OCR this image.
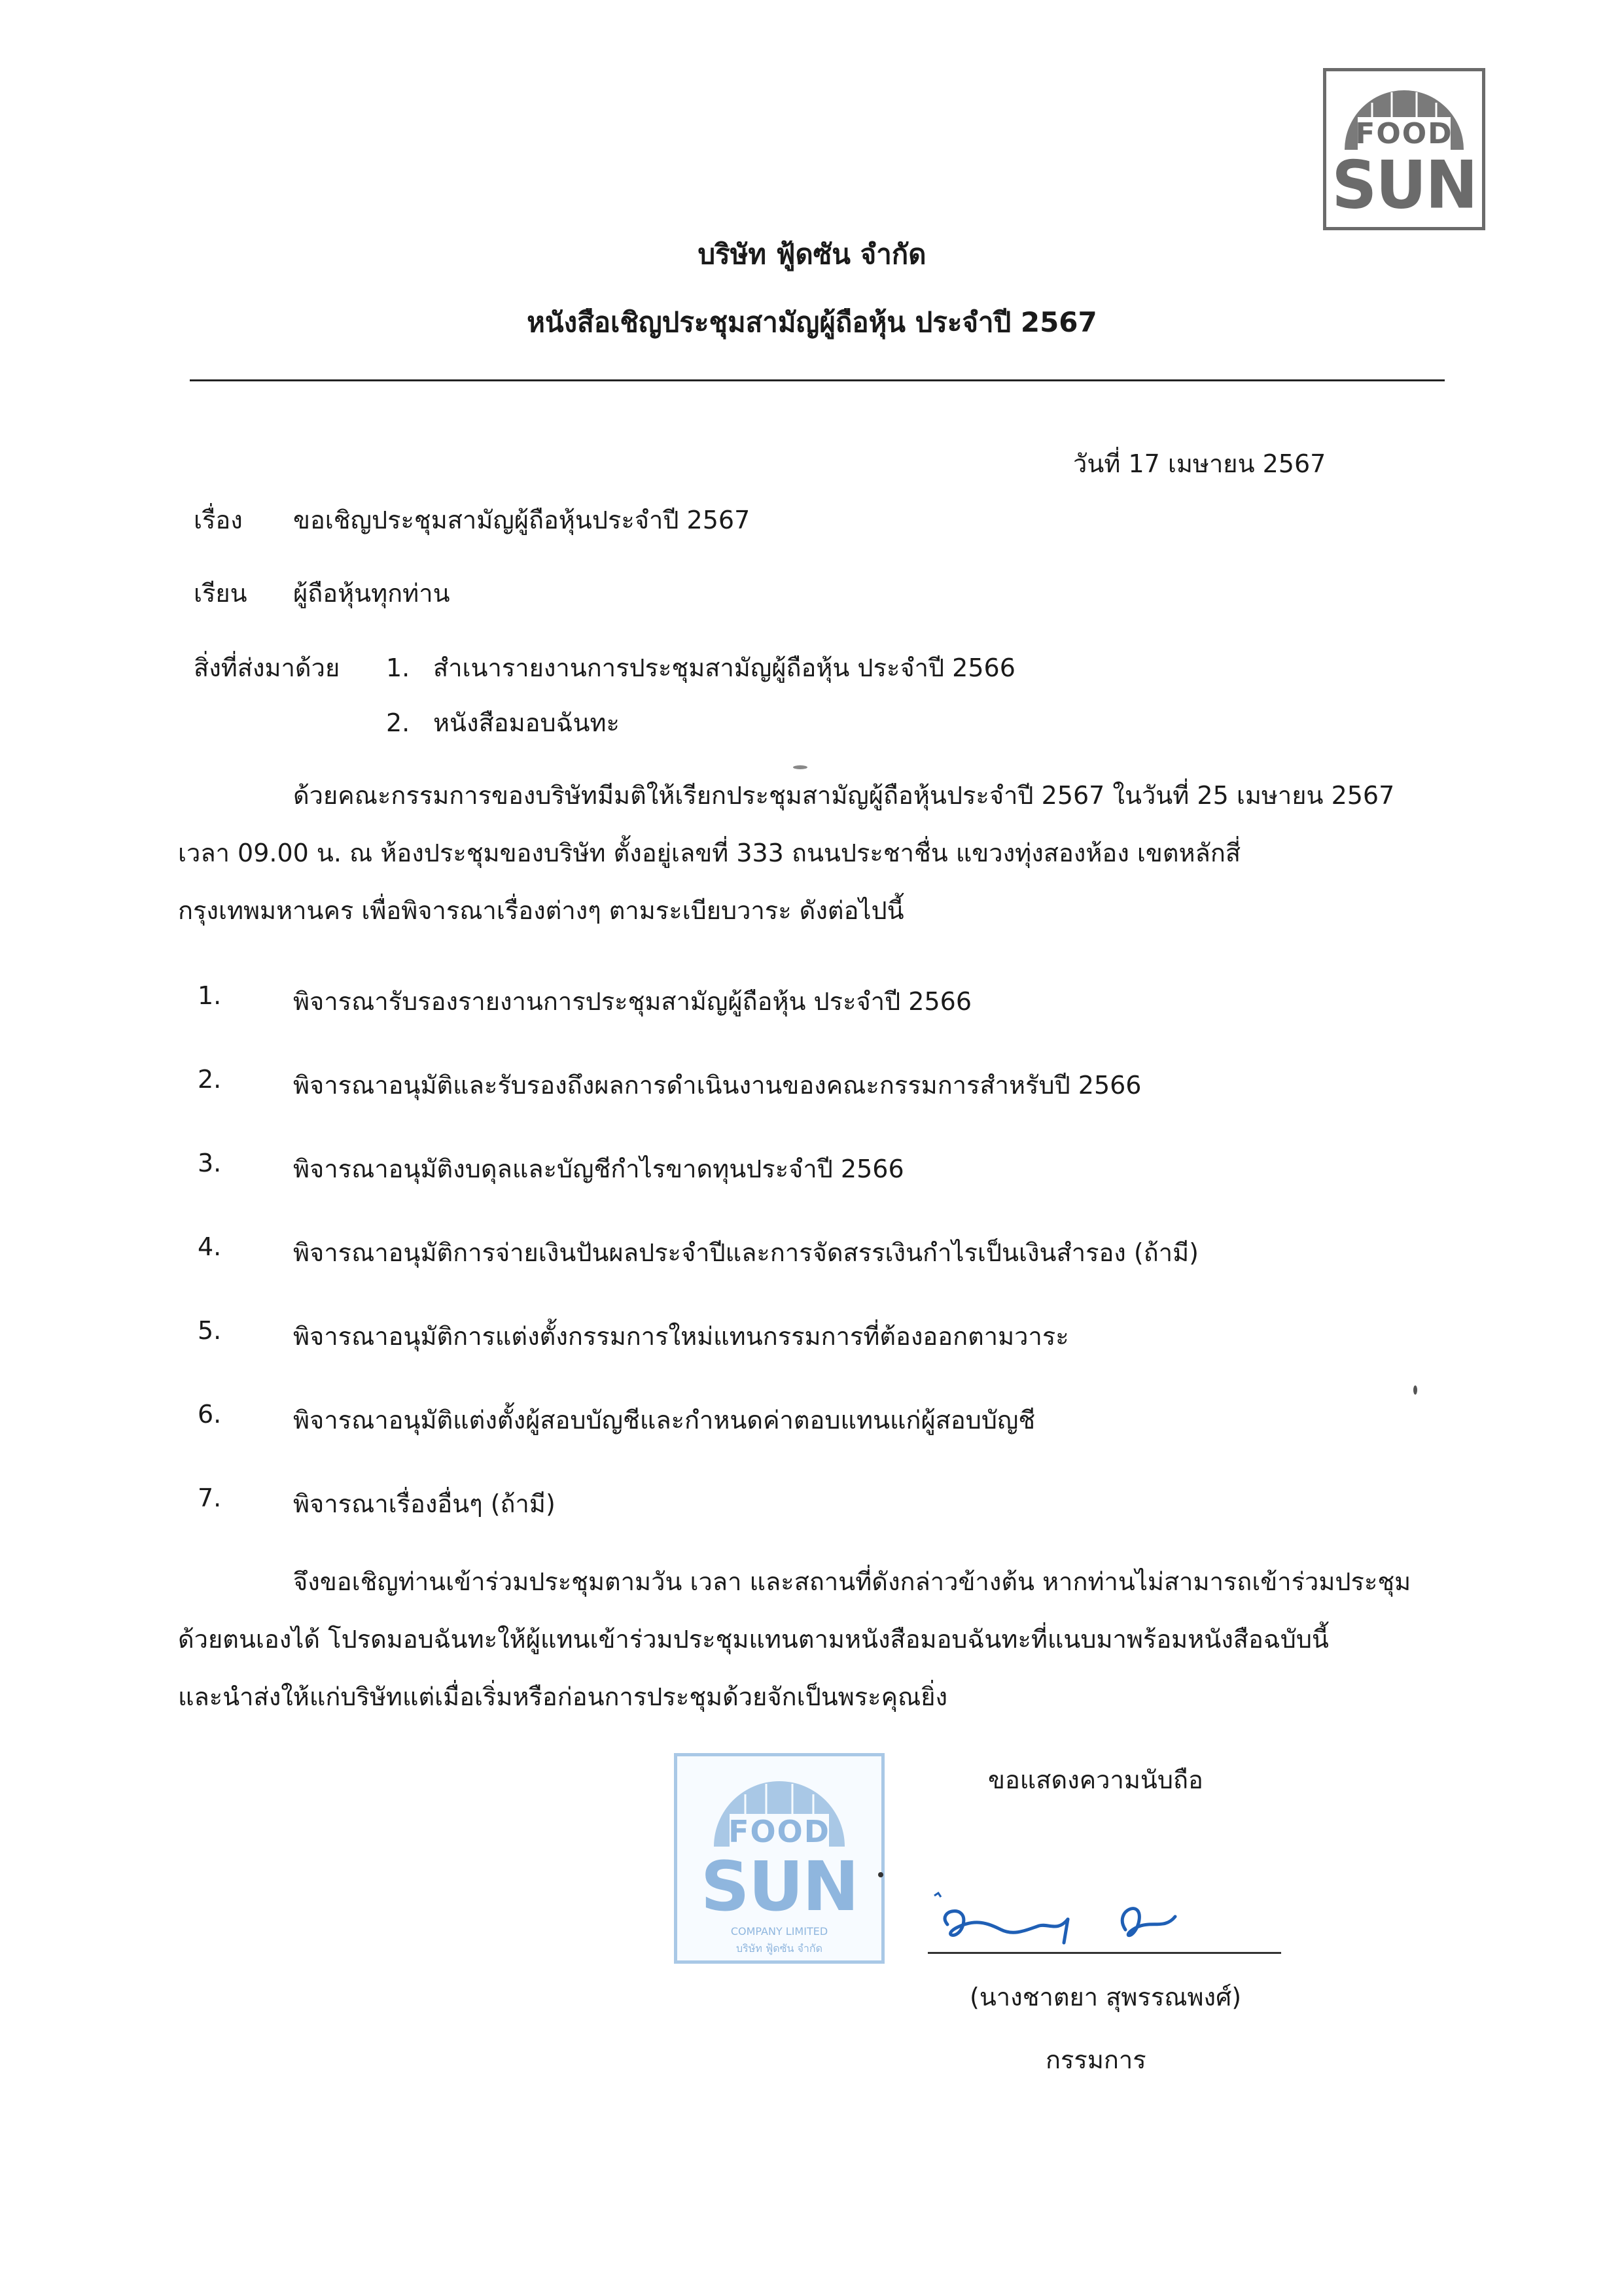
FOOD
SUN
บริษัท ฟู้ดซัน จำกัด
หนังสือเชิญประชุมสามัญผู้ถือหุ้น ประจำปี 2567
วันที่ 17 เมษายน 2567
เรื่อง ขอเชิญประชุมสามัญผู้ถือหุ้นประจำปี 2567
เรียน ผู้ถือหุ้นทุกท่าน
สิ่งที่ส่งมาด้วย 1. สำเนารายงานการประชุมสามัญผู้ถือหุ้น ประจำปี 2566
2. หนังสือมอบฉันทะ
ด้วยคณะกรรมการของบริษัทมีมติให้เรียกประชุมสามัญผู้ถือหุ้นประจำปี 2567 ในวันที่ 25 เมษายน 2567
เวลา 09.00 น. ณ ห้องประชุมของบริษัท ตั้งอยู่เลขที่ 333 ถนนประชาชื่น แขวงทุ่งสองห้อง เขตหลักสี่
กรุงเทพมหานคร เพื่อพิจารณาเรื่องต่างๆ ตามระเบียบวาระ ดังต่อไปนี้
1.	พิจารณารับรองรายงานการประชุมสามัญผู้ถือหุ้น ประจำปี 2566
2.	พิจารณาอนุมัติและรับรองถึงผลการดำเนินงานของคณะกรรมการสำหรับปี 2566
3.	พิจารณาอนุมัติงบดุลและบัญชีกำไรขาดทุนประจำปี 2566
4.	พิจารณาอนุมัติการจ่ายเงินปันผลประจำปีและการจัดสรรเงินกำไรเป็นเงินสำรอง (ถ้ามี)
5.	พิจารณาอนุมัติการแต่งตั้งกรรมการใหม่แทนกรรมการที่ต้องออกตามวาระ
6.	พิจารณาอนุมัติแต่งตั้งผู้สอบบัญชีและกำหนดค่าตอบแทนแก่ผู้สอบบัญชี
7.	พิจารณาเรื่องอื่นๆ (ถ้ามี)
จึงขอเชิญท่านเข้าร่วมประชุมตามวัน เวลา และสถานที่ดังกล่าวข้างต้น หากท่านไม่สามารถเข้าร่วมประชุม
ด้วยตนเองได้ โปรดมอบฉันทะให้ผู้แทนเข้าร่วมประชุมแทนตามหนังสือมอบฉันทะที่แนบมาพร้อมหนังสือฉบับนี้
และนำส่งให้แก่บริษัทแต่เมื่อเริ่มหรือก่อนการประชุมด้วยจักเป็นพระคุณยิ่ง
ขอแสดงความนับถือ
FOOD
SUN
COMPANY LIMITED
บริษัท ฟู้ดซัน จำกัด
(นางชาตยา สุพรรณพงศ์)
กรรมการ
